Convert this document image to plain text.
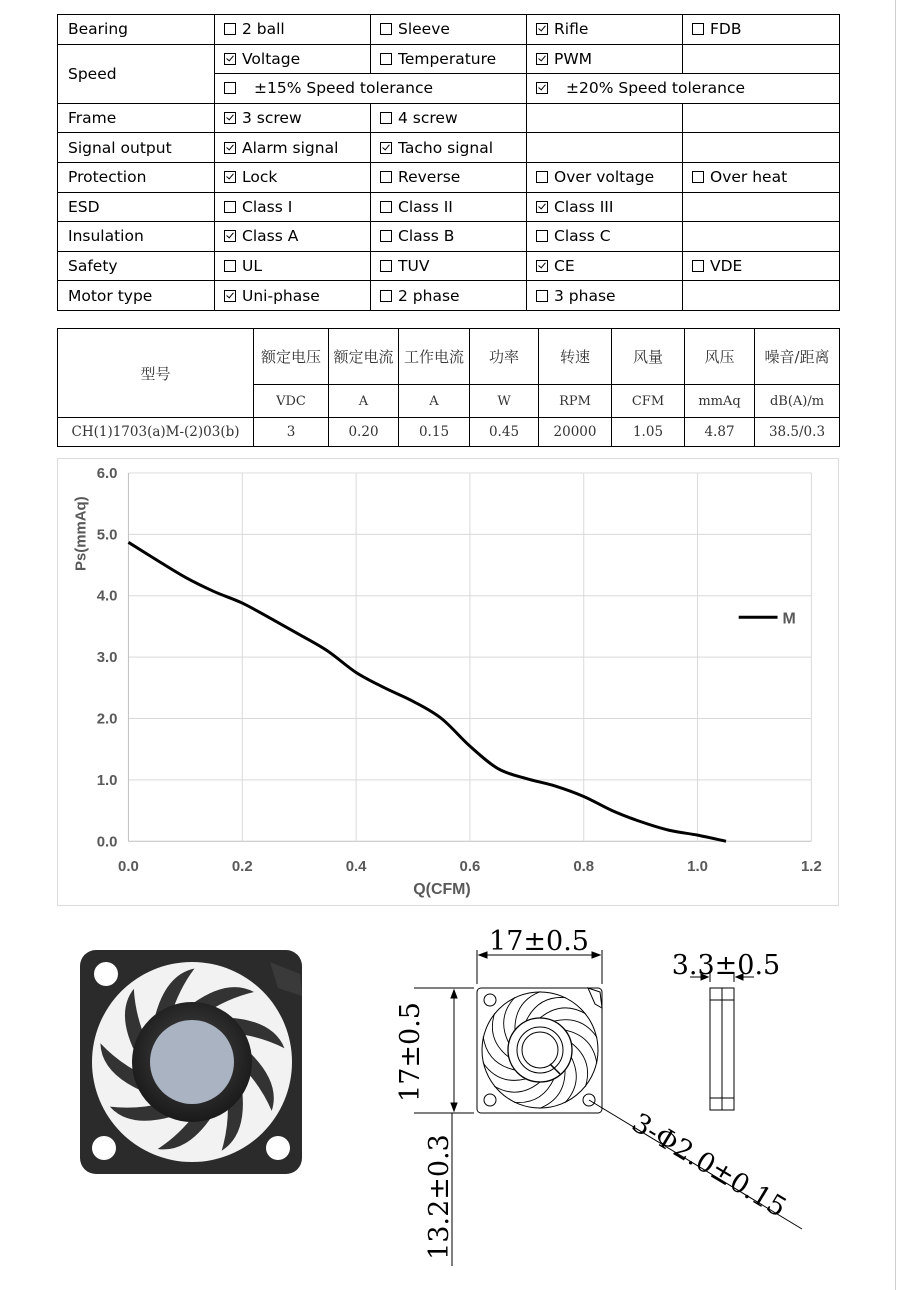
Bearing	2 ball	Sleeve	Rifle	FDB
Speed	Voltage	Temperature	PWM	
	±15% Speed tolerance		±20% Speed tolerance	
Frame	3 screw	4 screw		
Signal output	Alarm signal	Tacho signal		
Protection	Lock	Reverse	Over voltage	Over heat
ESD	Class I	Class II	Class III	
Insulation	Class A	Class B	Class C	
Safety	UL	TUV	CE	VDE
Motor type	Uni-phase	2 phase	3 phase	
型号	额定电压	额定电流	工作电流	功率	转速	风量	风压	噪音/距离
	VDC	A	A	W	RPM	CFM	mmAq	dB(A)/m
CH(1)1703(a)M-(2)03(b)	3	0.20	0.15	0.45	20000	1.05	4.87	38.5/0.3
0.0
1.0
2.0
3.0
4.0
5.0
6.0
0.0	0.2	0.4	0.6	0.8	1.0	1.2
Q(CFM)
Ps(mmAq)
M
17±0.5
17±0.5
3.3±0.5
3-Φ2.0±0.15
13.2±0.3
